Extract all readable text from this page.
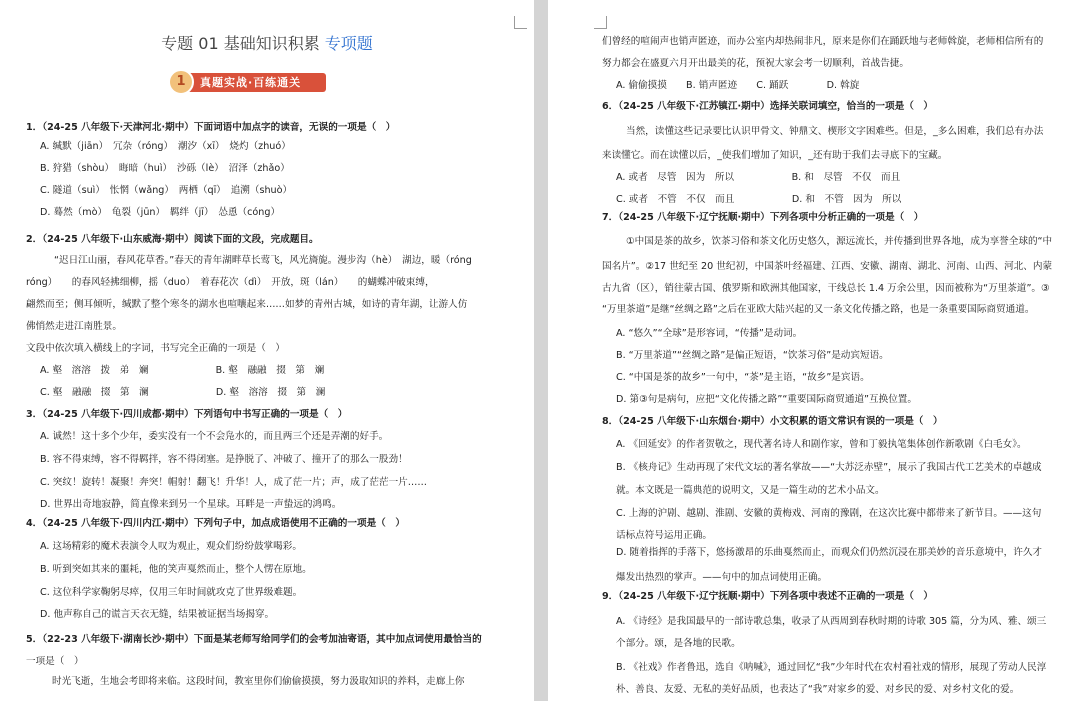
专题 01 基础知识积累 专项题
1	真题实战·百练通关
1．（24-25 八年级下·天津河北·期中）下面词语中加点字的读音，无误的一项是（　）
A. 缄默（jiān）　冗杂（róng）　潮汐（xī）　烧灼（zhuó）
B. 狩猎（shòu）　晦暗（huì）　沙砾（lè）　沼泽（zhǎo）
C. 隧道（suì）　怅惘（wǎng）　两栖（qī）　追溯（shuò）
D. 蓦然（mò）　龟裂（jūn）　羁绊（jī）　怂恿（cóng）
2．（24-25 八年级下·山东威海·期中）阅读下面的文段，完成题目。
“迟日江山丽，春风花草香。”春天的青年湖畔草长莺飞，风光旖旎。漫步沟（hè）　湖边，暖（róng
róng）　　的春风轻拂细柳，摇（duo）　着春花次（dì）　开放，斑（lán）　　的蝴蝶冲破束缚，
翩然而至；侧耳倾听，缄默了整个寒冬的湖水也喧嚷起来……如梦的青州古城，如诗的青年湖，让游人仿
佛悄然走进江南胜景。
文段中依次填入横线上的字词，书写完全正确的一项是（　）
A. 壑　溶溶　拨　弟　斓　　　　　　　B. 壑　融融　掇　第　斓
C. 壑　融融　掇　第　澜　　　　　　　D. 壑　溶溶　掇　第　澜
3．（24-25 八年级下·四川成都·期中）下列语句中书写正确的一项是（　）
A. 诚然！这十多个少年，委实没有一个不会凫水的，而且两三个还是弄潮的好手。
B. 容不得束缚，容不得羁拌，容不得闭塞。是挣脱了、冲破了、撞开了的那么一股劲！
C. 突纹！旋转！凝聚！奔突！帽射！翻飞！升华！人，成了茫一片；声，成了茫茫一片……
D. 世界出奇地寂静，简直像来到另一个星球。耳畔是一声蛰远的鸿鸣。
4．（24-25 八年级下·四川内江·期中）下列句子中，加点成语使用不正确的一项是（　）
A. 这场精彩的魔术表演令人叹为观止，观众们纷纷鼓掌喝彩。
B. 听到突如其来的噩耗，他的笑声戛然而止，整个人愣在原地。
C. 这位科学家鞠躬尽瘁，仅用三年时间就攻克了世界级难题。
D. 他声称自己的谎言天衣无缝，结果被证据当场揭穿。
5．（22-23 八年级下·湖南长沙·期中）下面是某老师写给同学们的会考加油寄语，其中加点词使用最恰当的
一项是（　）
时光飞逝，生地会考即将来临。这段时间，教室里你们偷偷摸摸，努力汲取知识的养料，走廊上你
们曾经的喧闹声也销声匿迹，而办公室内却热闹非凡，原来是你们在踊跃地与老师斡旋，老师相信所有的
努力都会在盛夏六月开出最美的花，预祝大家会考一切顺利，首战告捷。
A. 偷偷摸摸　　B. 销声匿迹　　C. 踊跃　　　　D. 斡旋
6．（24-25 八年级下·江苏镇江·期中）选择关联词填空，恰当的一项是（　）
当然，读懂这些记录要比认识甲骨文、钟鼎文、楔形文字困难些。但是，_多么困难，我们总有办法
来读懂它。而在读懂以后，_使我们增加了知识，_还有助于我们去寻底下的宝藏。
A. 或者　尽管　因为　所以　　　　　　B. 和　尽管　不仅　而且
C. 或者　不管　不仅　而且　　　　　　D. 和　不管　因为　所以
7．（24-25 八年级下·辽宁抚顺·期中）下列各项中分析正确的一项是（　）
①中国是茶的故乡，饮茶习俗和茶文化历史悠久，源远流长，并传播到世界各地，成为享誉全球的“中
国名片”。②17 世纪至 20 世纪初，中国茶叶经福建、江西、安徽、湖南、湖北、河南、山西、河北、内蒙
古九省（区），销往蒙古国、俄罗斯和欧洲其他国家，干线总长 1.4 万余公里，因而被称为“万里茶道”。③
“万里茶道”是继“丝绸之路”之后在亚欧大陆兴起的又一条文化传播之路，也是一条重要国际商贸通道。
A. “悠久”“全球”是形容词，“传播”是动词。
B. “万里茶道”“丝绸之路”是偏正短语，“饮茶习俗”是动宾短语。
C. “中国是茶的故乡”一句中，“茶”是主语，“故乡”是宾语。
D. 第③句是病句，应把“文化传播之路”“重要国际商贸通道”互换位置。
8．（24-25 八年级下·山东烟台·期中）小文积累的语文常识有误的一项是（　）
A. 《回延安》的作者贺敬之，现代著名诗人和剧作家，曾和丁毅执笔集体创作新歌剧《白毛女》。
B. 《核舟记》生动再现了宋代文坛的著名掌故——“大苏泛赤壁”，展示了我国古代工艺美术的卓越成
就。本文既是一篇典范的说明文，又是一篇生动的艺术小品文。
C. 上海的沪剧、越剧、淮剧、安徽的黄梅戏、河南的豫剧，在这次比赛中都带来了新节目。——这句
话标点符号运用正确。
D. 随着指挥的手落下，悠扬激昂的乐曲戛然而止，而观众们仍然沉浸在那美妙的音乐意境中，许久才
爆发出热烈的掌声。——句中的加点词使用正确。
9．（24-25 八年级下·辽宁抚顺·期中）下列各项中表述不正确的一项是（　）
A. 《诗经》是我国最早的一部诗歌总集，收录了从西周到春秋时期的诗歌 305 篇，分为风、雅、颂三
个部分。颂，是各地的民歌。
B. 《社戏》作者鲁迅，选自《呐喊》，通过回忆“我”少年时代在农村看社戏的情形，展现了劳动人民淳
朴、善良、友爱、无私的美好品质，也表达了“我”对家乡的爱、对乡民的爱、对乡村文化的爱。
